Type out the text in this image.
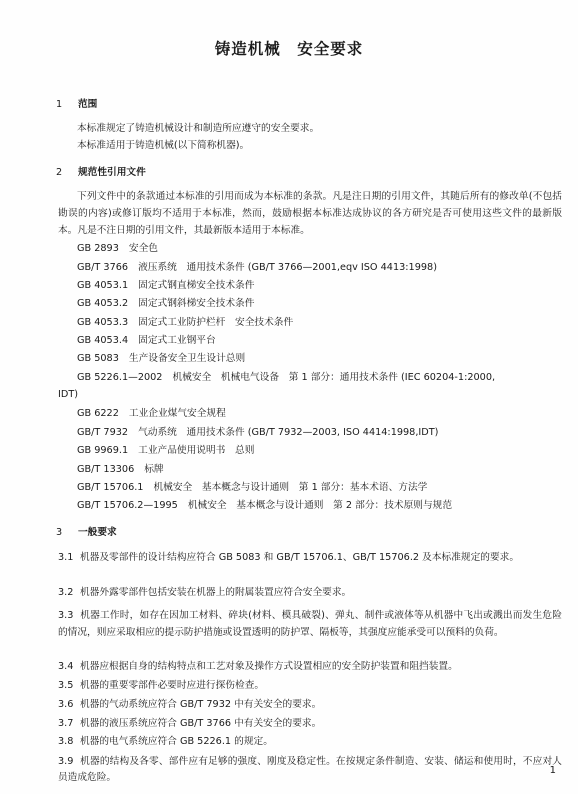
铸造机械　安全要求
1 范围
本标准规定了铸造机械设计和制造所应遵守的安全要求。
本标准适用于铸造机械(以下简称机器)。
2 规范性引用文件
下列文件中的条款通过本标准的引用而成为本标准的条款。凡是注日期的引用文件，其随后所有的修改单(不包括勘误的内容)或修订版均不适用于本标准，然而，鼓励根据本标准达成协议的各方研究是否可使用这些文件的最新版本。凡是不注日期的引用文件，其最新版本适用于本标准。
GB 2893 安全色
GB/T 3766 液压系统　通用技术条件 (GB/T 3766—2001,eqv ISO 4413:1998)
GB 4053.1 固定式钢直梯安全技术条件
GB 4053.2 固定式钢斜梯安全技术条件
GB 4053.3 固定式工业防护栏杆　安全技术条件
GB 4053.4 固定式工业钢平台
GB 5083 生产设备安全卫生设计总则
GB 5226.1—2002 机械安全　机械电气设备　第 1 部分：通用技术条件 (IEC 60204-1:2000,
IDT)
GB 6222 工业企业煤气安全规程
GB/T 7932 气动系统　通用技术条件 (GB/T 7932—2003, ISO 4414:1998,IDT)
GB 9969.1 工业产品使用说明书　总则
GB/T 13306 标牌
GB/T 15706.1 机械安全　基本概念与设计通则　第 1 部分：基本术语、方法学
GB/T 15706.2—1995 机械安全　基本概念与设计通则　第 2 部分：技术原则与规范
3 一般要求
3.1 机器及零部件的设计结构应符合 GB 5083 和 GB/T 15706.1、GB/T 15706.2 及本标准规定的要求。
3.2 机器外露零部件包括安装在机器上的附属装置应符合安全要求。
3.3 机器工作时，如存在因加工材料、碎块(材料、模具破裂)、弹丸、制件或液体等从机器中飞出或溅出而发生危险的情况，则应采取相应的提示防护措施或设置透明的防护罩、隔板等，其强度应能承受可以预料的负荷。
3.4 机器应根据自身的结构特点和工艺对象及操作方式设置相应的安全防护装置和阻挡装置。
3.5 机器的重要零部件必要时应进行探伤检查。
3.6 机器的气动系统应符合 GB/T 7932 中有关安全的要求。
3.7 机器的液压系统应符合 GB/T 3766 中有关安全的要求。
3.8 机器的电气系统应符合 GB 5226.1 的规定。
3.9 机器的结构及各零、部件应有足够的强度、刚度及稳定性。在按规定条件制造、安装、储运和使用时，不应对人员造成危险。
1
